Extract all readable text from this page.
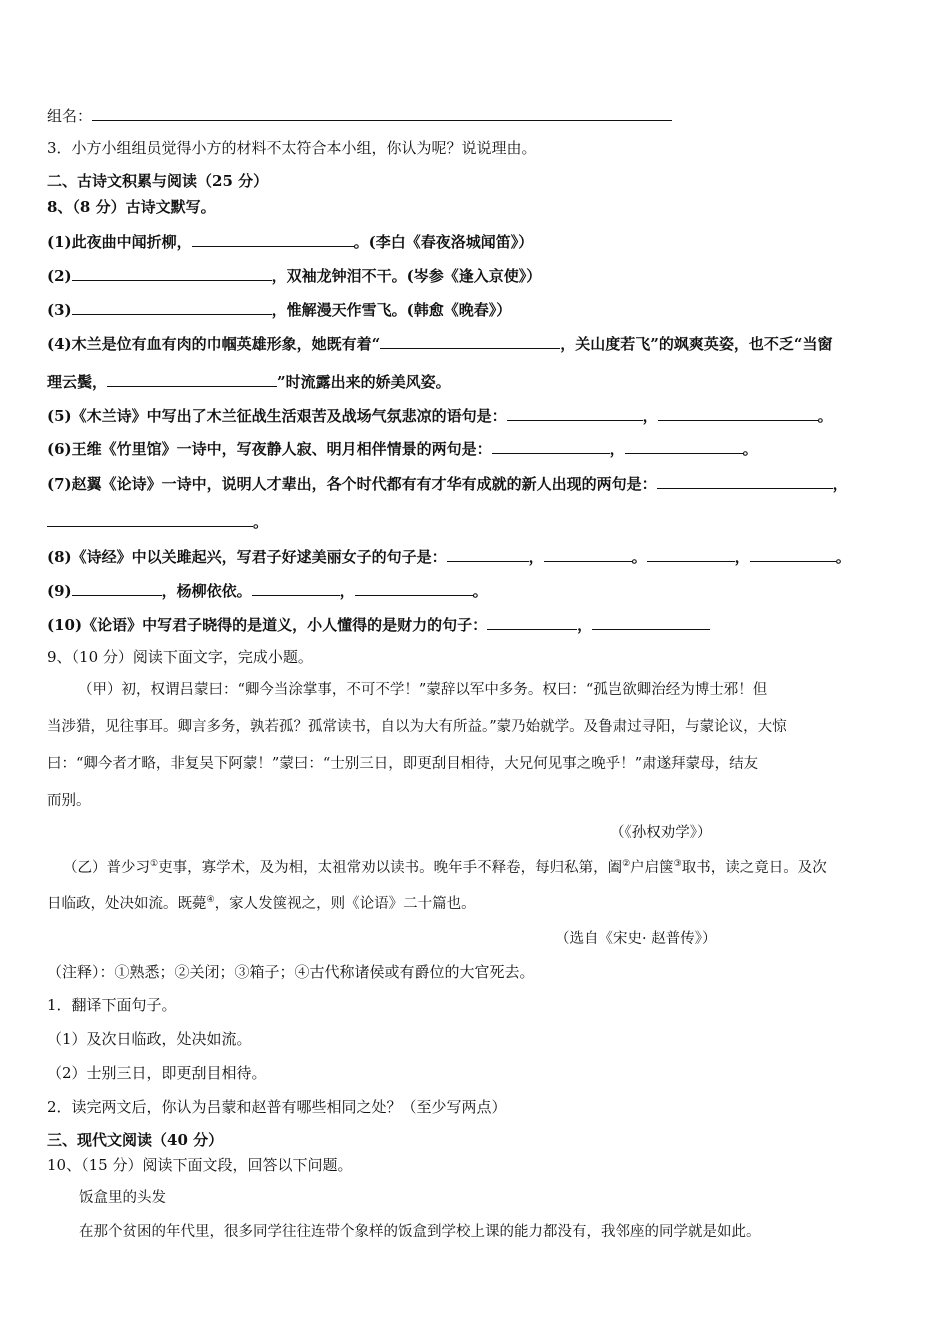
组名：
3．小方小组组员觉得小方的材料不太符合本小组，你认为呢？说说理由。
二、古诗文积累与阅读（25 分）
8、（8 分）古诗文默写。
(1)此夜曲中闻折柳，	。(李白《春夜洛城闻笛》）
(2)	，双袖龙钟泪不干。(岑参《逢入京使》）
(3)	，惟解漫天作雪飞。(韩愈《晚春》）
(4)木兰是位有血有肉的巾帼英雄形象，她既有着“	，关山度若飞”的飒爽英姿，也不乏“当窗
理云鬓，	”时流露出来的娇美风姿。
(5)《木兰诗》中写出了木兰征战生活艰苦及战场气氛悲凉的语句是：	，	。
(6)王维《竹里馆》一诗中，写夜静人寂、明月相伴情景的两句是：	，	。
(7)赵翼《论诗》一诗中，说明人才辈出，各个时代都有有才华有成就的新人出现的两句是：	，
。
(8)《诗经》中以关雎起兴，写君子好逑美丽女子的句子是：	，	。	，	。
(9)	，杨柳依依。	，	。
(10)《论语》中写君子晓得的是道义，小人懂得的是财力的句子：	，
9、（10 分）阅读下面文字，完成小题。
（甲）初，权谓吕蒙曰：“卿今当涂掌事，不可不学！”蒙辞以军中多务。权曰：“孤岂欲卿治经为博士邪！但
当涉猎，见往事耳。卿言多务，孰若孤？孤常读书，自以为大有所益。”蒙乃始就学。及鲁肃过寻阳，与蒙论议，大惊
曰：“卿今者才略，非复吴下阿蒙！”蒙曰：“士别三日，即更刮目相待，大兄何见事之晚乎！”肃遂拜蒙母，结友
而别。
（《孙权劝学》）
（乙）普少习①吏事，寡学术，及为相，太祖常劝以读书。晚年手不释卷，每归私第，阖②户启箧③取书，读之竟日。及次
日临政，处决如流。既薨④，家人发箧视之，则《论语》二十篇也。
（选自《宋史· 赵普传》）
（注释）：①熟悉；②关闭；③箱子；④古代称诸侯或有爵位的大官死去。
1．翻译下面句子。
（1）及次日临政，处决如流。
（2）士别三日，即更刮目相待。
2．读完两文后，你认为吕蒙和赵普有哪些相同之处？（至少写两点）
三、现代文阅读（40 分）
10、（15 分）阅读下面文段，回答以下问题。
饭盒里的头发
在那个贫困的年代里，很多同学往往连带个象样的饭盒到学校上课的能力都没有，我邻座的同学就是如此。
